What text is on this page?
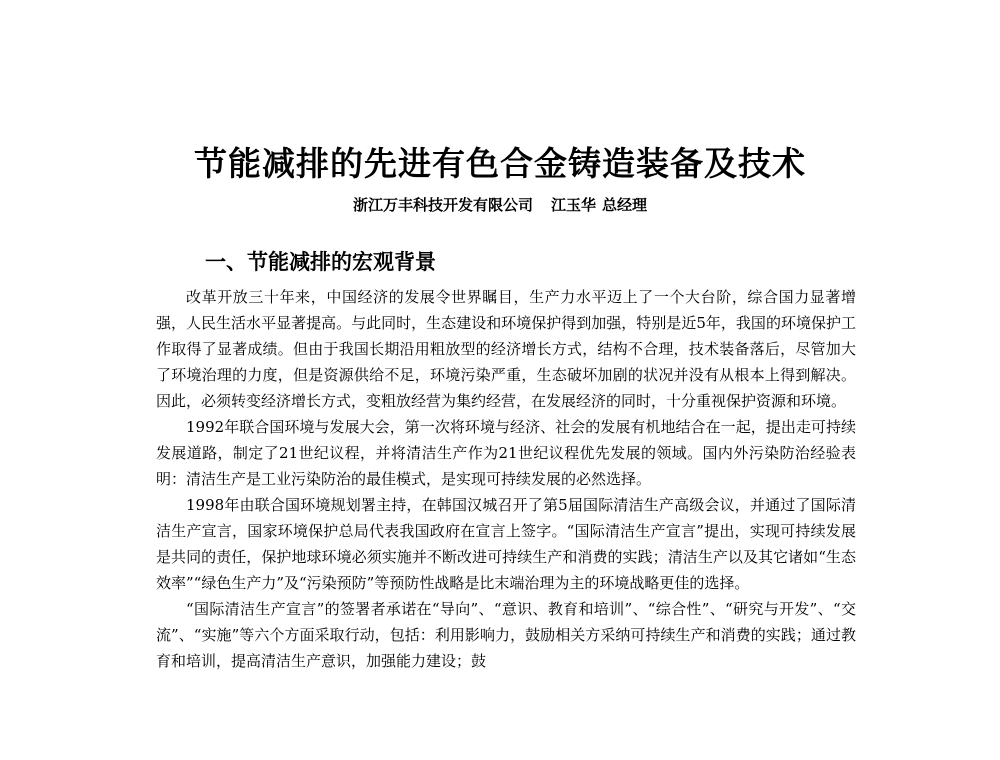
节能减排的先进有色合金铸造装备及技术
浙江万丰科技开发有限公司 江玉华 总经理
一、节能减排的宏观背景

改革开放三十年来，中国经济的发展令世界瞩目，生产力水平迈上了一个大台阶，综合国力显著增强，人民生活水平显著提高。与此同时，生态建设和环境保护得到加强，特别是近5年，我国的环境保护工作取得了显著成绩。但由于我国长期沿用粗放型的经济增长方式，结构不合理，技术装备落后，尽管加大了环境治理的力度，但是资源供给不足，环境污染严重，生态破坏加剧的状况并没有从根本上得到解决。因此，必须转变经济增长方式，变粗放经营为集约经营，在发展经济的同时，十分重视保护资源和环境。

1992年联合国环境与发展大会，第一次将环境与经济、社会的发展有机地结合在一起，提出走可持续发展道路，制定了21世纪议程，并将清洁生产作为21世纪议程优先发展的领域。国内外污染防治经验表明：清洁生产是工业污染防治的最佳模式，是实现可持续发展的必然选择。

1998年由联合国环境规划署主持，在韩国汉城召开了第5届国际清洁生产高级会议，并通过了国际清洁生产宣言，国家环境保护总局代表我国政府在宣言上签字。“国际清洁生产宣言”提出，实现可持续发展是共同的责任，保护地球环境必须实施并不断改进可持续生产和消费的实践；清洁生产以及其它诸如“生态效率”“绿色生产力”及“污染预防”等预防性战略是比末端治理为主的环境战略更佳的选择。

“国际清洁生产宣言”的签署者承诺在“导向”、“意识、教育和培训”、“综合性”、“研究与开发”、“交流”、“实施”等六个方面采取行动，包括：利用影响力，鼓励相关方采纳可持续生产和消费的实践；通过教育和培训，提高清洁生产意识，加强能力建设；鼓
